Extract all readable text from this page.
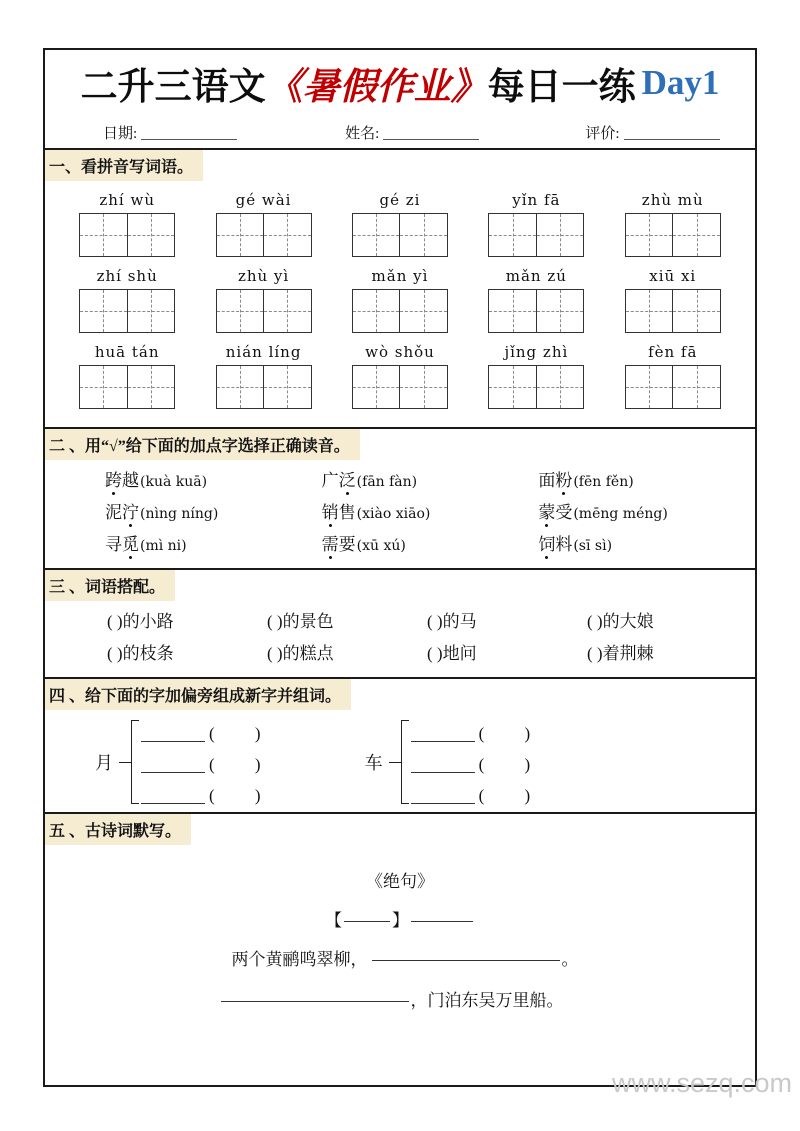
二升三语文 《暑假作业》 每日一练 Day1
日期:	姓名:	评价:
一、看拼音写词语。
zhí wù	gé wài	gé zi	yǐn fā	zhù mù
zhí shù	zhù yì	mǎn yì	mǎn zú	xiū xi
huā tán	nián líng	wò shǒu	jǐng zhì	fèn fā
二 、用“√”给下面的加点字选择正确读音。
跨 越 (kuà kuā)	广 泛 (fān fàn)	面 粉 (fēn fěn)
泥 泞 (nìng níng)	销 售 (xiào xiāo)	蒙 受 (mēng méng)
寻 觅 (mì ni)	需 要 (xū xú)	饲 料 (sī sì)
三 、词语搭配。
( )的小路	( )的景色	( )的马	( )的大娘
( )的枝条	( )的糕点	( )地问	( )着荆棘
四 、给下面的字加偏旁组成新字并组词。
月
( )
( )
( )
车
( )
( )
( )
五 、古诗词默写。
《绝句》
【	】
两个黄鹂鸣翠柳，	。
，门泊东吴万里船。
www.sezq.com
